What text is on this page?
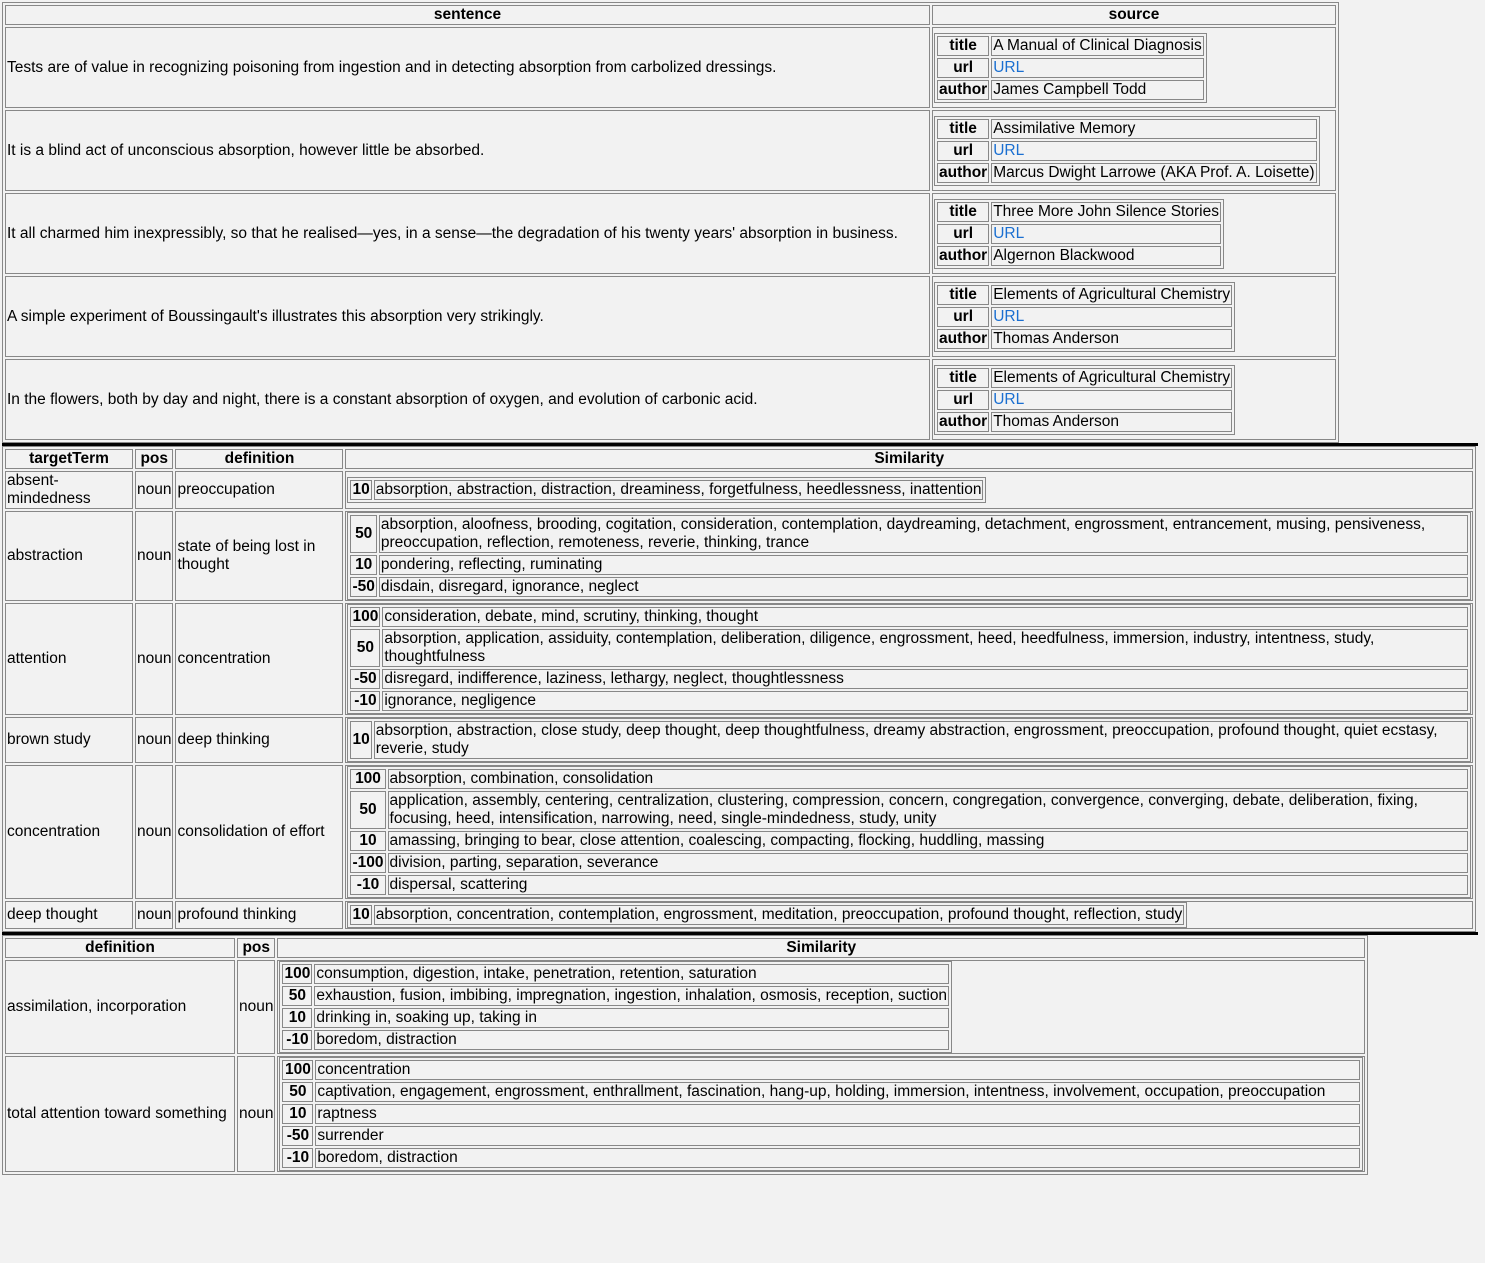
sentence	source
Tests are of value in recognizing poisoning from ingestion and in detecting absorption from carbolized dressings.	
title	A Manual of Clinical Diagnosis
url	URL
author	James Campbell Todd

It is a blind act of unconscious absorption, however little be absorbed.	
title	Assimilative Memory
url	URL
author	Marcus Dwight Larrowe (AKA Prof. A. Loisette)

It all charmed him inexpressibly, so that he realised—yes, in a sense—the degradation of his twenty years' absorption in business.	
title	Three More John Silence Stories
url	URL
author	Algernon Blackwood

A simple experiment of Boussingault's illustrates this absorption very strikingly.	
title	Elements of Agricultural Chemistry
url	URL
author	Thomas Anderson

In the flowers, both by day and night, there is a constant absorption of oxygen, and evolution of carbonic acid.	
title	Elements of Agricultural Chemistry
url	URL
author	Thomas Anderson
targetTerm	pos	definition	Similarity
absent-mindedness	noun	preoccupation		10	absorption, abstraction, distraction, dreaminess, forgetfulness, heedlessness, inattention

abstraction	noun	state of being lost in thought	
50	absorption, aloofness, brooding, cogitation, consideration, contemplation, daydreaming, detachment, engrossment, entrancement, musing, pensiveness, preoccupation, reflection, remoteness, reverie, thinking, trance
10	pondering, reflecting, ruminating
-50	disdain, disregard, ignorance, neglect

attention	noun	concentration	
100	consideration, debate, mind, scrutiny, thinking, thought
50	absorption, application, assiduity, contemplation, deliberation, diligence, engrossment, heed, heedfulness, immersion, industry, intentness, study, thoughtfulness
-50	disregard, indifference, laziness, lethargy, neglect, thoughtlessness
-10	ignorance, negligence

brown study	noun	deep thinking		10	absorption, abstraction, close study, deep thought, deep thoughtfulness, dreamy abstraction, engrossment, preoccupation, profound thought, quiet ecstasy, reverie, study

concentration	noun	consolidation of effort	
100	absorption, combination, consolidation
50	application, assembly, centering, centralization, clustering, compression, concern, congregation, convergence, converging, debate, deliberation, fixing, focusing, heed, intensification, narrowing, need, single-mindedness, study, unity
10	amassing, bringing to bear, close attention, coalescing, compacting, flocking, huddling, massing
-100	division, parting, separation, severance
-10	dispersal, scattering

deep thought	noun	profound thinking		10	absorption, concentration, contemplation, engrossment, meditation, preoccupation, profound thought, reflection, study
definition	pos	Similarity
assimilation, incorporation	noun	
100	consumption, digestion, intake, penetration, retention, saturation
50	exhaustion, fusion, imbibing, impregnation, ingestion, inhalation, osmosis, reception, suction
10	drinking in, soaking up, taking in
-10	boredom, distraction

total attention toward something	noun	
100	concentration
50	captivation, engagement, engrossment, enthrallment, fascination, hang-up, holding, immersion, intentness, involvement, occupation, preoccupation
10	raptness
-50	surrender
-10	boredom, distraction
